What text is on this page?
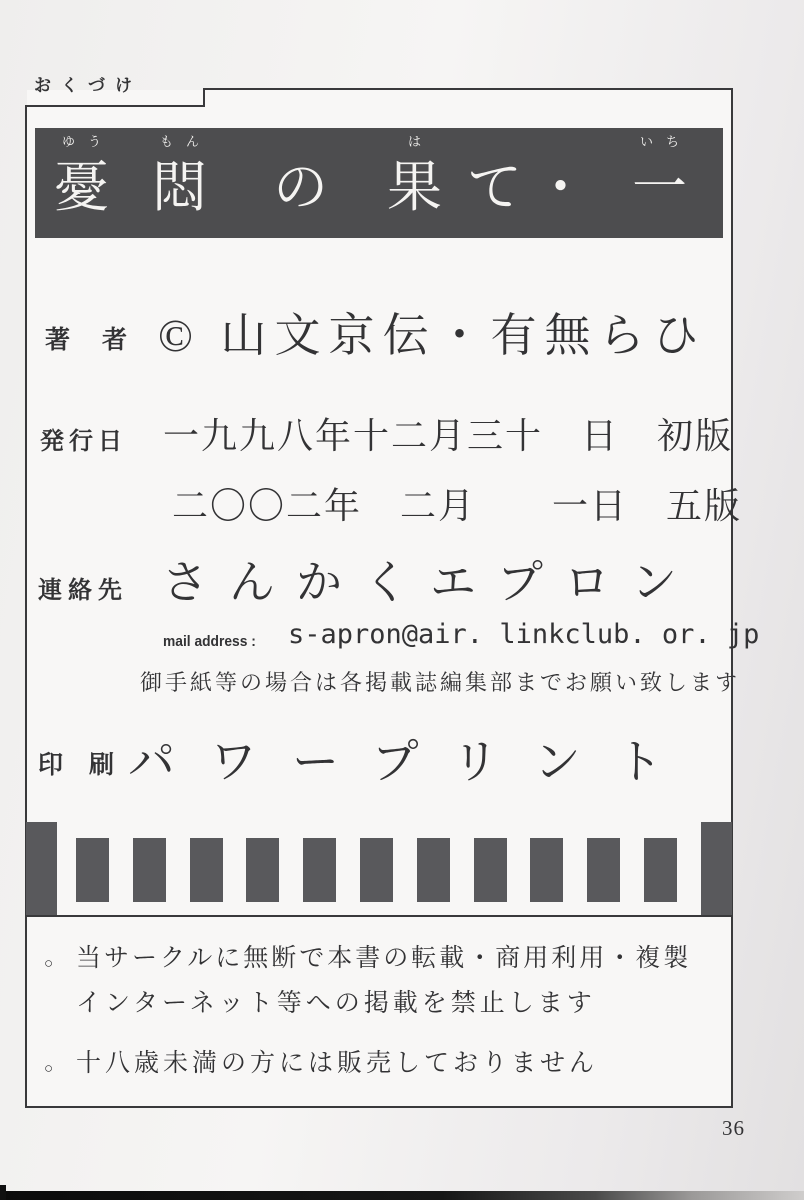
おくづけ
ゆう
憂
もん
悶 の
は
果 て ・
いち
一
著者
© 山文京伝・有無らひ
発行日 一九九八年十二月三十　日　初版
二〇〇二年　二月　　一日　五版
連絡先 さんかくエプロン
mail address : s-apron@air. linkclub. or. jp
御手紙等の場合は各掲載誌編集部までお願い致します
印刷
パワープリント
○ 当サークルに無断で本書の転載・商用利用・複製
インターネット等への掲載を禁止します
○ 十八歳未満の方には販売しておりません
36
